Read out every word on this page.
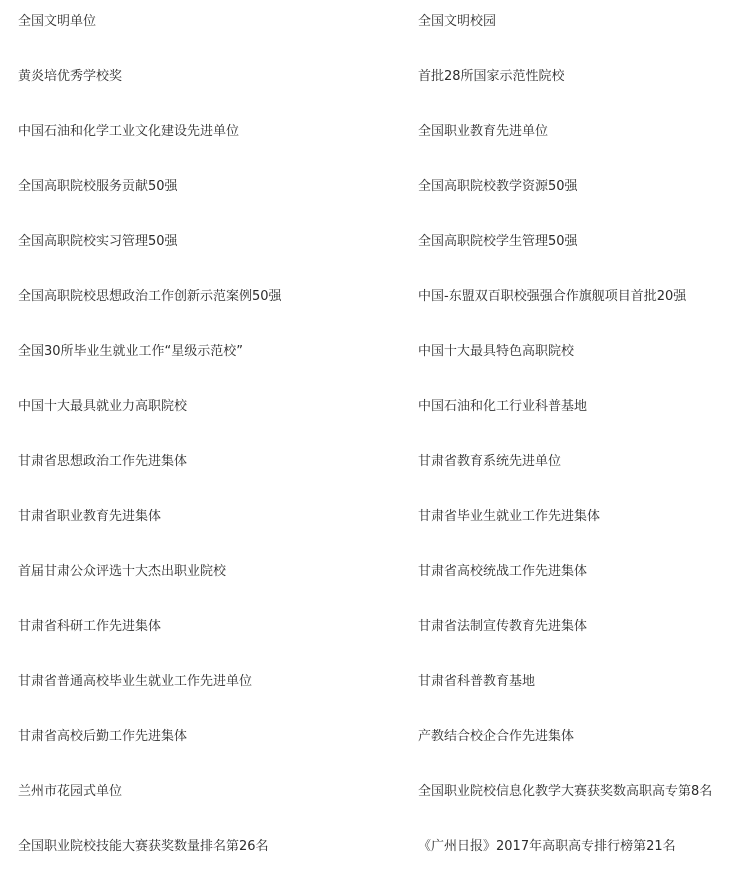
全国文明单位	全国文明校园
黄炎培优秀学校奖	首批28所国家示范性院校
中国石油和化学工业文化建设先进单位	全国职业教育先进单位
全国高职院校服务贡献50强	全国高职院校教学资源50强
全国高职院校实习管理50强	全国高职院校学生管理50强
全国高职院校思想政治工作创新示范案例50强	中国-东盟双百职校强强合作旗舰项目首批20强
全国30所毕业生就业工作“星级示范校”	中国十大最具特色高职院校
中国十大最具就业力高职院校	中国石油和化工行业科普基地
甘肃省思想政治工作先进集体	甘肃省教育系统先进单位
甘肃省职业教育先进集体	甘肃省毕业生就业工作先进集体
首届甘肃公众评选十大杰出职业院校	甘肃省高校统战工作先进集体
甘肃省科研工作先进集体	甘肃省法制宣传教育先进集体
甘肃省普通高校毕业生就业工作先进单位	甘肃省科普教育基地
甘肃省高校后勤工作先进集体	产教结合校企合作先进集体
兰州市花园式单位	全国职业院校信息化教学大赛获奖数高职高专第8名
全国职业院校技能大赛获奖数量排名第26名	《广州日报》2017年高职高专排行榜第21名
